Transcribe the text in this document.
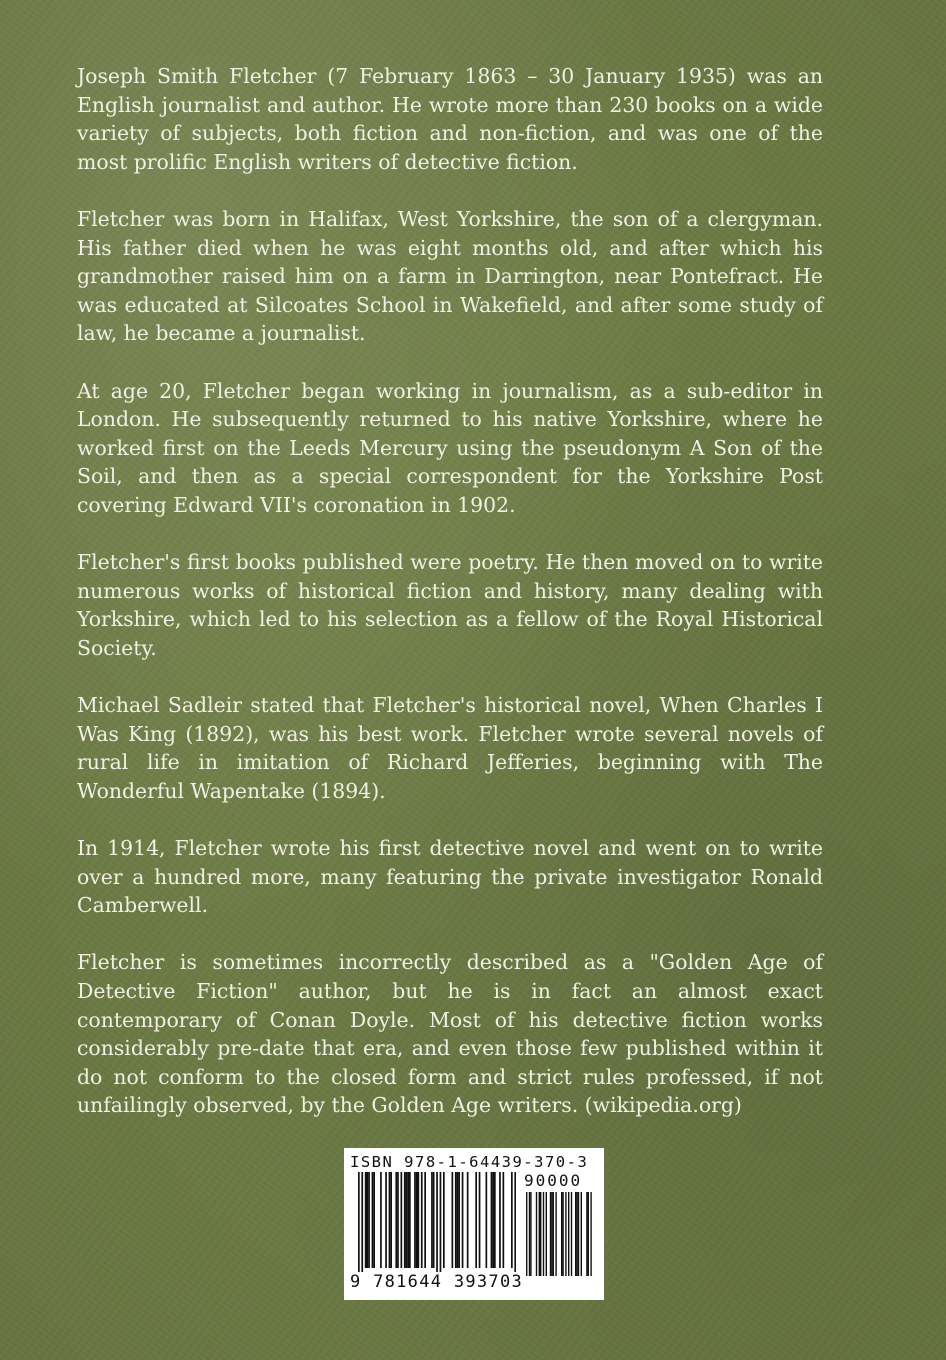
Joseph Smith Fletcher (7 February 1863 – 30 January 1935) was an English journalist and author. He wrote more than 230 books on a wide variety of subjects, both fiction and non-fiction, and was one of the most prolific English writers of detective fiction.

Fletcher was born in Halifax, West Yorkshire, the son of a clergyman. His father died when he was eight months old, and after which his grandmother raised him on a farm in Darrington, near Pontefract. He was educated at Silcoates School in Wakefield, and after some study of law, he became a journalist.

At age 20, Fletcher began working in journalism, as a sub-editor in London. He subsequently returned to his native Yorkshire, where he worked first on the Leeds Mercury using the pseudonym A Son of the Soil, and then as a special correspondent for the Yorkshire Post covering Edward VII's coronation in 1902.

Fletcher's first books published were poetry. He then moved on to write numerous works of historical fiction and history, many dealing with Yorkshire, which led to his selection as a fellow of the Royal Historical Society.

Michael Sadleir stated that Fletcher's historical novel, When Charles I Was King (1892), was his best work. Fletcher wrote several novels of rural life in imitation of Richard Jefferies, beginning with The Wonderful Wapentake (1894).

In 1914, Fletcher wrote his first detective novel and went on to write over a hundred more, many featuring the private investigator Ronald Camberwell.

Fletcher is sometimes incorrectly described as a "Golden Age of Detective Fiction" author, but he is in fact an almost exact contemporary of Conan Doyle. Most of his detective fiction works considerably pre-date that era, and even those few published within it do not conform to the closed form and strict rules professed, if not unfailingly observed, by the Golden Age writers. (wikipedia.org)

ISBN 978-1-64439-370-3
90000
9 781644 393703
